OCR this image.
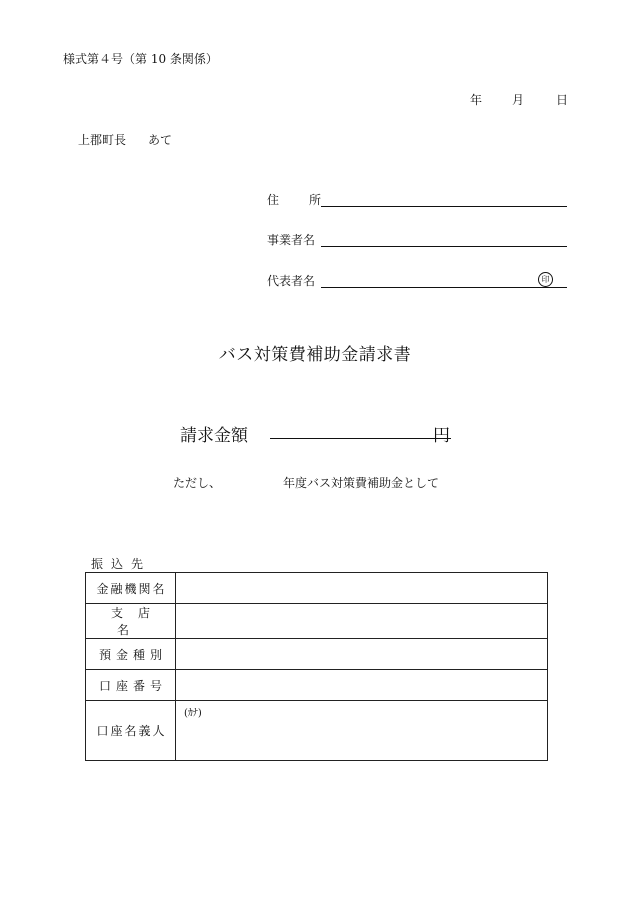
様式第４号（第 10 条関係）
年 月	日
上郡町長 あて
住 所
事業者名
代表者名	印
バス対策費補助金請求書
請求金額	円
ただし、	年度バス対策費補助金として
振込先
金融機関名	
支店名	
預金種別	
口座番号	
口座名義人	(ｶﾅ)
